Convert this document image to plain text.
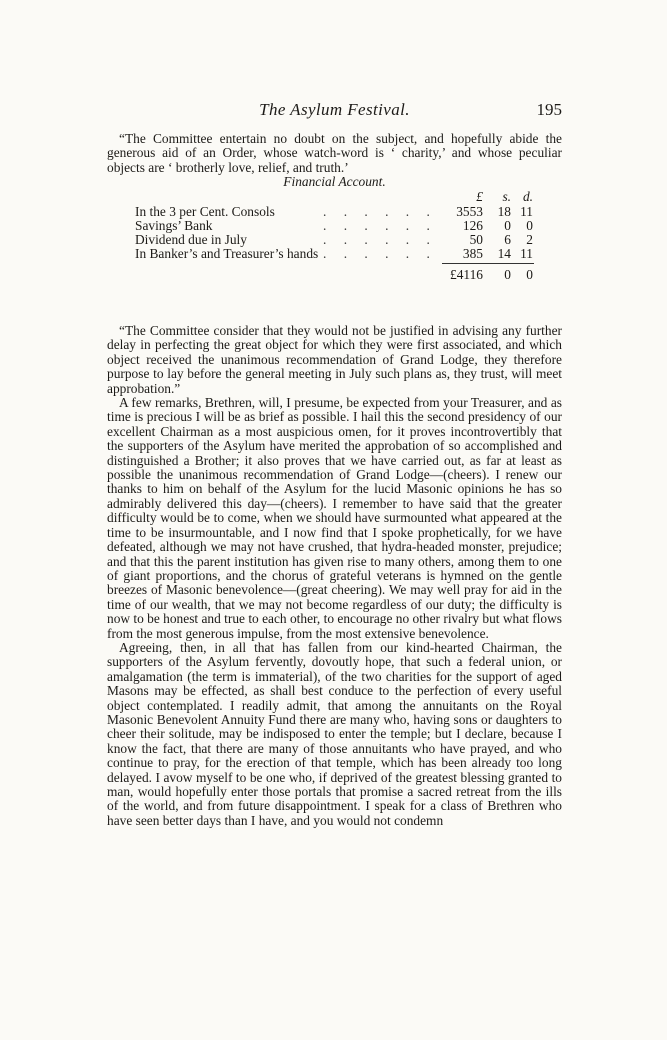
The Asylum Festival.	195

“The Committee entertain no doubt on the subject, and hopefully abide the generous aid of an Order, whose watch-word is ‘ charity,’ and whose peculiar objects are ‘ brotherly love, relief, and truth.’

Financial Account.
£ s. d.
In the 3 per Cent. Consols	. . . . . .	3553 18 11
Savings’ Bank	. . . . . .	126 0 0
Dividend due in July	. . . . . .	50 6 2
In Banker’s and Treasurer’s hands . . . . . .	385 14 11
£4116 0 0

“The Committee consider that they would not be justified in advising any further delay in perfecting the great object for which they were first associated, and which object received the unanimous recommendation of Grand Lodge, they therefore purpose to lay before the general meeting in July such plans as, they trust, will meet approbation.”

A few remarks, Brethren, will, I presume, be expected from your Treasurer, and as time is precious I will be as brief as possible. I hail this the second presidency of our excellent Chairman as a most auspicious omen, for it proves incontrovertibly that the supporters of the Asylum have merited the approbation of so accomplished and distinguished a Brother; it also proves that we have carried out, as far at least as possible the unanimous recommendation of Grand Lodge—(cheers). I renew our thanks to him on behalf of the Asylum for the lucid Masonic opinions he has so admirably delivered this day—(cheers). I remember to have said that the greater difficulty would be to come, when we should have surmounted what appeared at the time to be insurmountable, and I now find that I spoke prophetically, for we have defeated, although we may not have crushed, that hydra-headed monster, prejudice; and that this the parent institution has given rise to many others, among them to one of giant proportions, and the chorus of grateful veterans is hymned on the gentle breezes of Masonic benevolence—(great cheering). We may well pray for aid in the time of our wealth, that we may not become regardless of our duty; the difficulty is now to be honest and true to each other, to encourage no other rivalry but what flows from the most generous impulse, from the most extensive benevolence.

Agreeing, then, in all that has fallen from our kind-hearted Chairman, the supporters of the Asylum fervently, dovoutly hope, that such a federal union, or amalgamation (the term is immaterial), of the two charities for the support of aged Masons may be effected, as shall best conduce to the perfection of every useful object contemplated. I readily admit, that among the annuitants on the Royal Masonic Benevolent Annuity Fund there are many who, having sons or daughters to cheer their solitude, may be indisposed to enter the temple; but I declare, because I know the fact, that there are many of those annuitants who have prayed, and who continue to pray, for the erection of that temple, which has been already too long delayed. I avow myself to be one who, if deprived of the greatest blessing granted to man, would hopefully enter those portals that promise a sacred retreat from the ills of the world, and from future disappointment. I speak for a class of Brethren who have seen better days than I have, and you would not condemn
